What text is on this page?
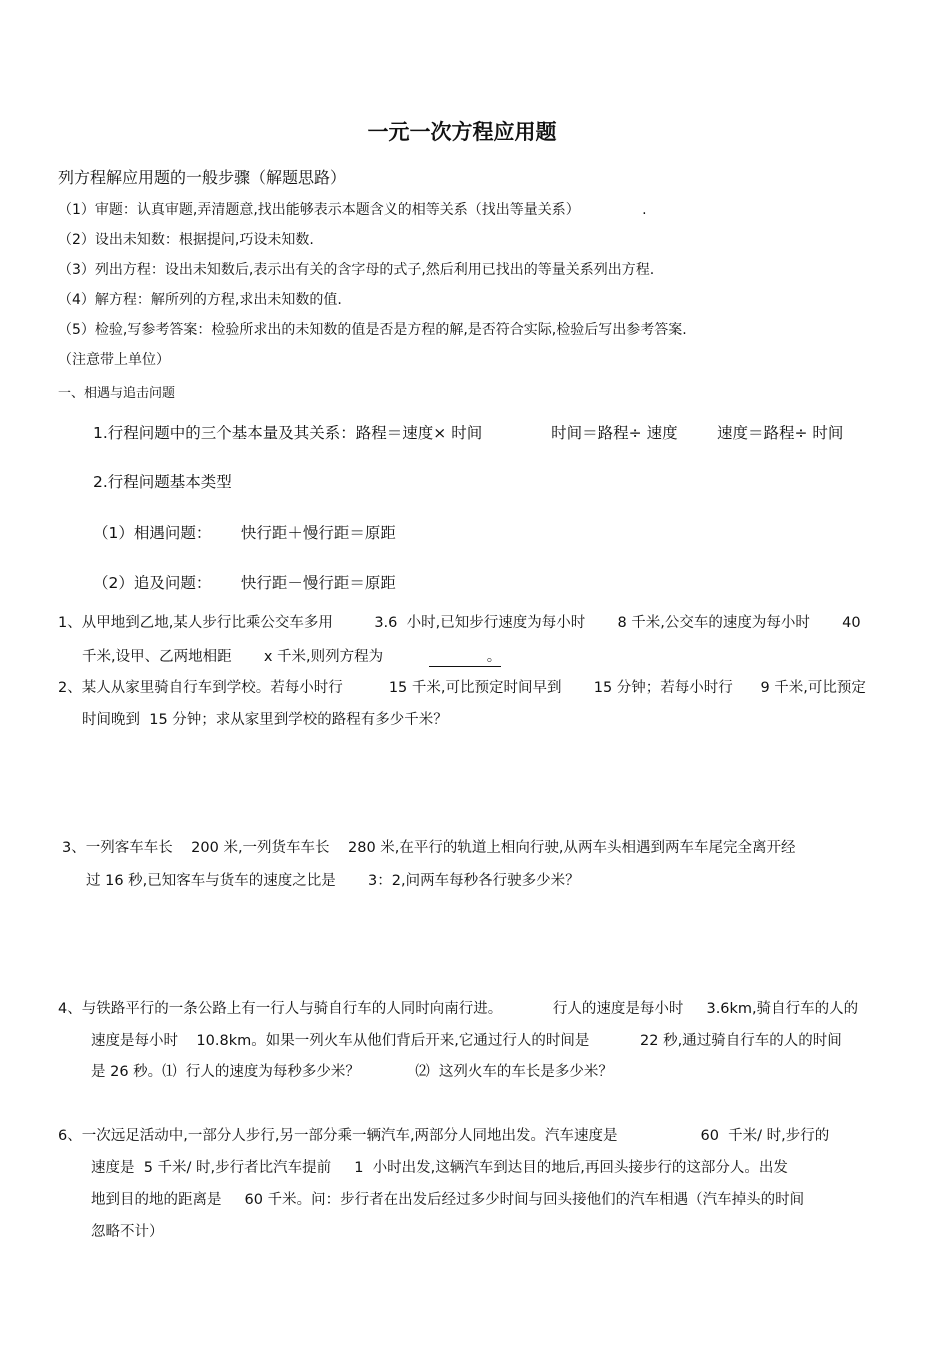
一元一次方程应用题
列方程解应用题的一般步骤（解题思路）
（1）审题：认真审题,弄清题意,找出能够表示本题含义的相等关系（找出等量关系）              .
（2）设出未知数：根据提问,巧设未知数.
（3）列出方程：设出未知数后,表示出有关的含字母的式子,然后利用已找出的等量关系列出方程.
（4）解方程：解所列的方程,求出未知数的值.
（5）检验,写参考答案：检验所求出的未知数的值是否是方程的解,是否符合实际,检验后写出参考答案.
（注意带上单位）
一、相遇与追击问题
1.行程问题中的三个基本量及其关系：路程＝速度× 时间              时间＝路程÷ 速度        速度＝路程÷ 时间
2.行程问题基本类型
（1）相遇问题：      快行距＋慢行距＝原距
（2）追及问题：      快行距－慢行距＝原距
1、从甲地到乙地,某人步行比乘公交车多用         3.6  小时,已知步行速度为每小时       8 千米,公交车的速度为每小时       40
千米,设甲、乙两地相距       x 千米,则列方程为	。
2、某人从家里骑自行车到学校。若每小时行          15 千米,可比预定时间早到       15 分钟；若每小时行      9 千米,可比预定
时间晚到  15 分钟；求从家里到学校的路程有多少千米？
3、一列客车车长    200 米,一列货车车长    280 米,在平行的轨道上相向行驶,从两车头相遇到两车车尾完全离开经
过 16 秒,已知客车与货车的速度之比是       3：2,问两车每秒各行驶多少米？
4、与铁路平行的一条公路上有一行人与骑自行车的人同时向南行进。           行人的速度是每小时     3.6km,骑自行车的人的
速度是每小时    10.8km。如果一列火车从他们背后开来,它通过行人的时间是           22 秒,通过骑自行车的人的时间
是 26 秒。⑴  行人的速度为每秒多少米？            ⑵  这列火车的车长是多少米？
6、一次远足活动中,一部分人步行,另一部分乘一辆汽车,两部分人同地出发。汽车速度是                  60  千米/ 时,步行的
速度是  5 千米/ 时,步行者比汽车提前     1  小时出发,这辆汽车到达目的地后,再回头接步行的这部分人。出发
地到目的地的距离是     60 千米。问：步行者在出发后经过多少时间与回头接他们的汽车相遇（汽车掉头的时间
忽略不计）
